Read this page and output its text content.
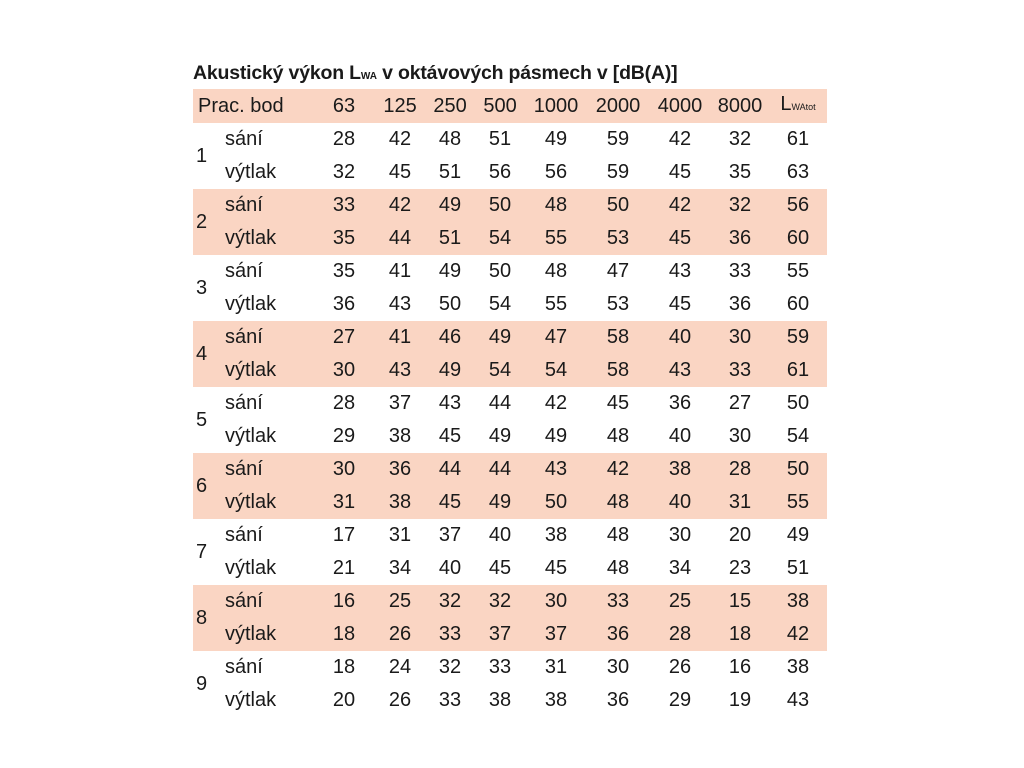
Akustický výkon LWA v oktávových pásmech v [dB(A)]
Prac. bod		63	125	250	500	1000	2000	4000	8000	LWAtot
1	sání	28	42	48	51	49	59	42	32	61
	výtlak	32	45	51	56	56	59	45	35	63
2	sání	33	42	49	50	48	50	42	32	56
	výtlak	35	44	51	54	55	53	45	36	60
3	sání	35	41	49	50	48	47	43	33	55
	výtlak	36	43	50	54	55	53	45	36	60
4	sání	27	41	46	49	47	58	40	30	59
	výtlak	30	43	49	54	54	58	43	33	61
5	sání	28	37	43	44	42	45	36	27	50
	výtlak	29	38	45	49	49	48	40	30	54
6	sání	30	36	44	44	43	42	38	28	50
	výtlak	31	38	45	49	50	48	40	31	55
7	sání	17	31	37	40	38	48	30	20	49
	výtlak	21	34	40	45	45	48	34	23	51
8	sání	16	25	32	32	30	33	25	15	38
	výtlak	18	26	33	37	37	36	28	18	42
9	sání	18	24	32	33	31	30	26	16	38
	výtlak	20	26	33	38	38	36	29	19	43
